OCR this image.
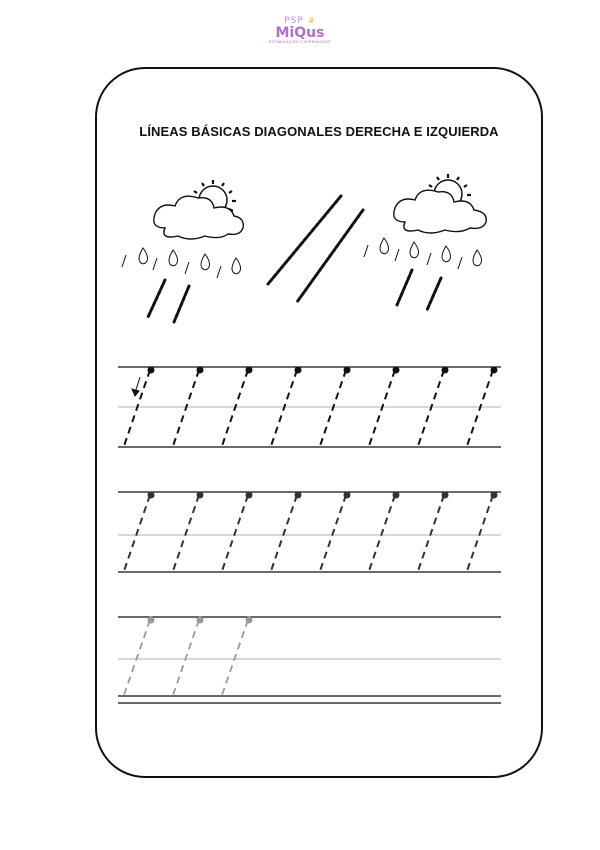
PSP ♛
MiQus
ESTIMULACIÓN Y APRENDIZAJE
LÍNEAS BÁSICAS DIAGONALES DERECHA E IZQUIERDA
